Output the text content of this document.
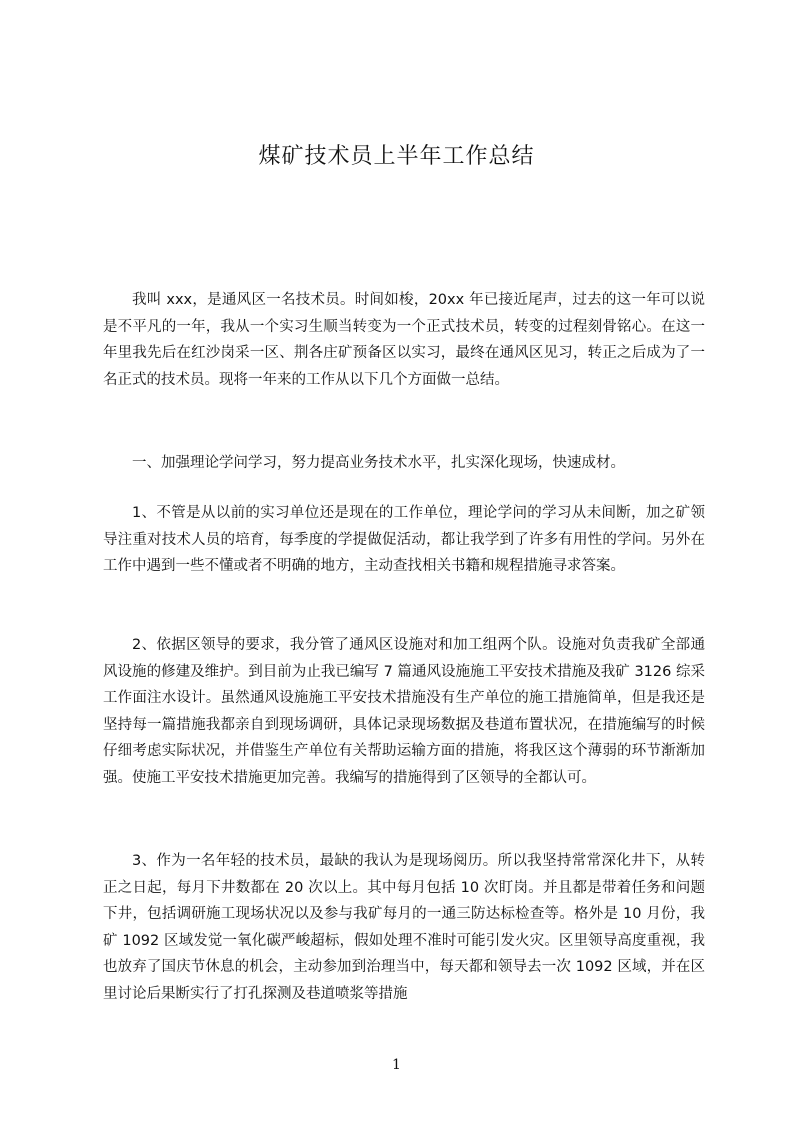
煤矿技术员上半年工作总结

我叫 xxx，是通风区一名技术员。时间如梭，20xx 年已接近尾声，过去的这一年可以说是不平凡的一年，我从一个实习生顺当转变为一个正式技术员，转变的过程刻骨铭心。在这一年里我先后在红沙岗采一区、荆各庄矿预备区以实习，最终在通风区见习，转正之后成为了一名正式的技术员。现将一年来的工作从以下几个方面做一总结。

一、加强理论学问学习，努力提高业务技术水平，扎实深化现场，快速成材。

1、不管是从以前的实习单位还是现在的工作单位，理论学问的学习从未间断，加之矿领导注重对技术人员的培育，每季度的学提做促活动，都让我学到了许多有用性的学问。另外在工作中遇到一些不懂或者不明确的地方，主动查找相关书籍和规程措施寻求答案。

2、依据区领导的要求，我分管了通风区设施对和加工组两个队。设施对负责我矿全部通风设施的修建及维护。到目前为止我已编写 7 篇通风设施施工平安技术措施及我矿 3126 综采工作面注水设计。虽然通风设施施工平安技术措施没有生产单位的施工措施简单，但是我还是坚持每一篇措施我都亲自到现场调研，具体记录现场数据及巷道布置状况，在措施编写的时候仔细考虑实际状况，并借鉴生产单位有关帮助运输方面的措施，将我区这个薄弱的环节渐渐加强。使施工平安技术措施更加完善。我编写的措施得到了区领导的全都认可。

3、作为一名年轻的技术员，最缺的我认为是现场阅历。所以我坚持常常深化井下，从转正之日起，每月下井数都在 20 次以上。其中每月包括 10 次盯岗。并且都是带着任务和问题下井，包括调研施工现场状况以及参与我矿每月的一通三防达标检查等。格外是 10 月份，我矿 1092 区域发觉一氧化碳严峻超标，假如处理不准时可能引发火灾。区里领导高度重视，我也放弃了国庆节休息的机会，主动参加到治理当中，每天都和领导去一次 1092 区域，并在区里讨论后果断实行了打孔探测及巷道喷浆等措施

1
